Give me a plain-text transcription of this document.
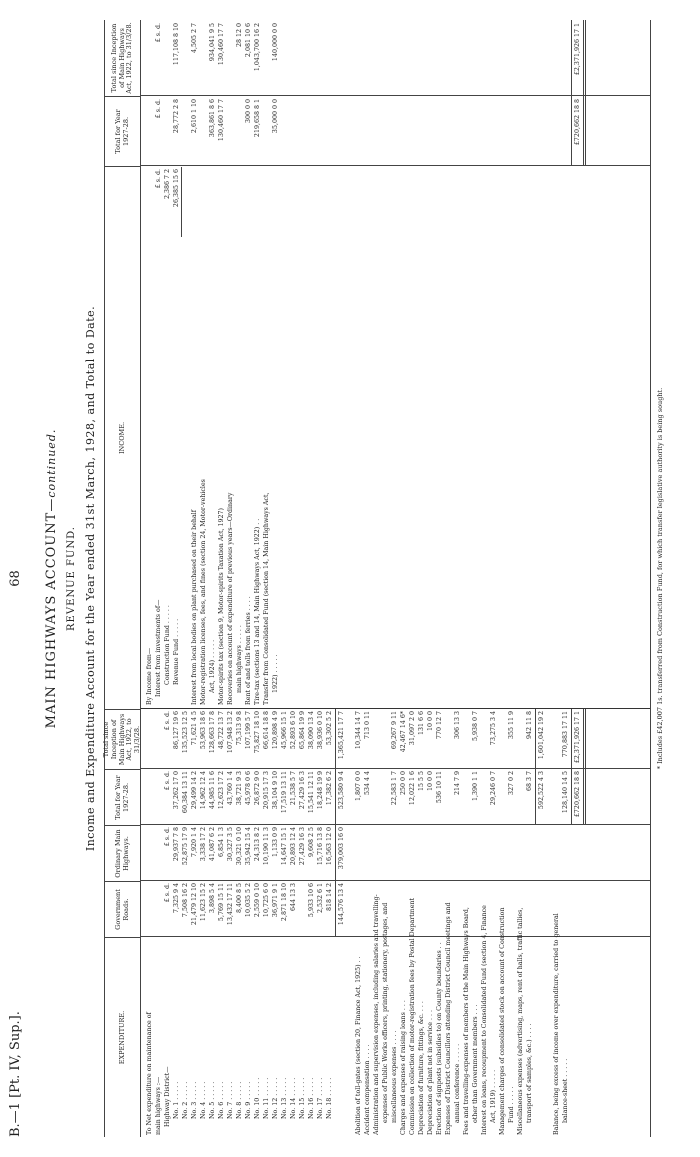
B.—1 [Pt. IV, Sup.].
68 MAIN HIGHWAYS ACCOUNT—continued.
REVENUE FUND. Income and Expenditure Account for the Year ended 31st March, 1928, and Total to Date.
EXPENDITURE.
Government Roads.
Ordinary Main Highways.
Total for Year 1927-28.
Total since Inception of Main Highways Act, 1922, to 31/3/28.
INCOME.
Total for Year 1927-28.
Total since Inception of Main Highways Act, 1922, to 31/3/28.
To Net expenditure on maintenance of main highways :— Highway District—
£ s. d.
£ s. d.
£ s. d.
£ s. d.
No. 1 . . . . .
7,325 9 4
29,937 7 8
37,262 17 0
86,127 19 6
No. 2 . . . . .
7,508 16 2
52,875 17 9
60,384 13 11
135,523 12 5
No. 3 . . . . .
21,479 12 10
7,920 1 4
29,499 14 2
71,621 4 5
No. 4 . . . . .
11,623 15 2
3,338 17 2
14,962 12 4
53,963 18 6
No. 5 . . . . .
3,898 5 4
41,087 6 2
44,985 11 6
128,663 17 8
No. 6 . . . . .
5,769 15 11
6,854 1 3
12,623 17 2
48,722 13 7
No. 7 . . . . .
13,432 17 11
30,327 3 5
43,760 1 4
107,948 13 2
No. 8 . . . . .
8,400 8 5
30,321 0 10
38,721 9 3
75,313 9 8
No. 9 . . . . .
10,035 5 2
35,942 15 4
45,978 0 6
107,199 5 7
No. 10 . . . . .
2,559 0 10
24,313 8 2
26,872 9 0
75,827 18 10
No. 11 . . . . .
10,725 6 0
10,190 11 3
20,915 17 3
66,614 18 8
No. 12 . . . . .
36,971 9 1
1,133 0 9
38,104 9 10
120,898 4 9
No. 13 . . . . .
2,871 18 10
14,647 15 1
17,519 13 11
45,966 15 1
No. 14 . . . . .
644 13 3
20,893 12 4
21,538 5 7
52,893 6 10
No. 15 . . . . .
27,429 16 3
27,429 16 3
65,864 19 9
No. 16 . . . . .
5,933 10 6
9,608 2 5
15,541 12 11
38,090 13 4
No. 17 . . . . .
2,532 6 1
15,716 13 8
18,248 19 9
38,936 0 10
No. 18 . . . . .
818 14 2
16,563 12 0
17,382 6 2
53,302 5 2
144,576 13 4
379,003 16 0
523,580 9 4
1,365,421 17 7
Abolition of toll-gates (section 20, Finance Act, 1925) . .
1,807 0 0
10,344 14 7
Accident compensation . . . .
534 4 4
713 0 11
Administration and supervision expenses, including salaries and travelling- expenses of Public Works officers, printing, stationery, postages, and miscellaneous expenses . . . .
22,583 1 7
69,267 9 11
Charges and expenses of raising loans . . .
250 0 0
42,467 14 6*
Commission on collection of motor-registration fees by Postal Department
12,022 1 6
31,097 2 0
Depreciation of furniture, fittings, &c. . . .
15 5 5
131 6 6
Depreciation of plant not in service . . .
10 0 0
10 0 0
Erection of signposts (subsidies to) on County boundaries . .
536 10 11
770 12 7
Expenses of District Councillors attending District Council meetings and annual conference . . . . .
214 7 9
306 13 3
Fees and travelling-expenses of members of the Main Highways Board, other than Government members . . .
1,390 1 1
5,938 0 7
Interest on loans, recoupment to Consolidated Fund (section 4, Finance Act, 1919) . . . . .
29,246 0 7
73,275 3 4
Management charges of consolidated stock on account of Construction Fund . . . . .
327 0 2
355 11 9
Miscellaneous expenses (advertising, maps, rent of halls, traffic tallies, transport of samples, &c.) . . . .
68 3 7
942 11 8
592,522 4 3
1,601,042 19 2
Balance, being excess of income over expenditure, carried to general balance-sheet . . . . .
128,140 14 5
770,883 17 11
£720,662 18 8
£2,371,926 17 1
By Income from— Interest from investments of—
£ s. d.
£ s. d.
£ s. d.
Construction Fund . . . . .
2,386 7 2
Revenue Fund . . . . .
26,385 15 6
28,772 2 8
117,108 8 10
Interest from local bodies on plant purchased on their behalf
2,610 1 10
4,505 2 7
Motor-registration licenses, fees, and fines (section 24, Motor-vehicles Act, 1924) . . . . .
363,861 8 6
934,041 9 5
Motor-spirits tax (section 9, Motor-spirits Taxation Act, 1927)
130,460 17 7
130,460 17 7
Recoveries on account of expenditure of previous years—Ordinary main highways . . . . .
28 12 0
Rent of and tolls from ferries . . . .
300 0 0
2,081 10 6
Tire-tax (sections 13 and 14, Main Highways Act, 1922) . .
219,658 8 1
1,043,700 16 2
Transfer from Consolidated Fund (section 14, Main Highways Act, 1922) . . . . .
35,000 0 0
140,000 0 0
£720,662 18 8
£2,371,926 17 1
* Includes £42,007 1s. transferred from Construction Fund, for which transfer legislative authority is being sought.
